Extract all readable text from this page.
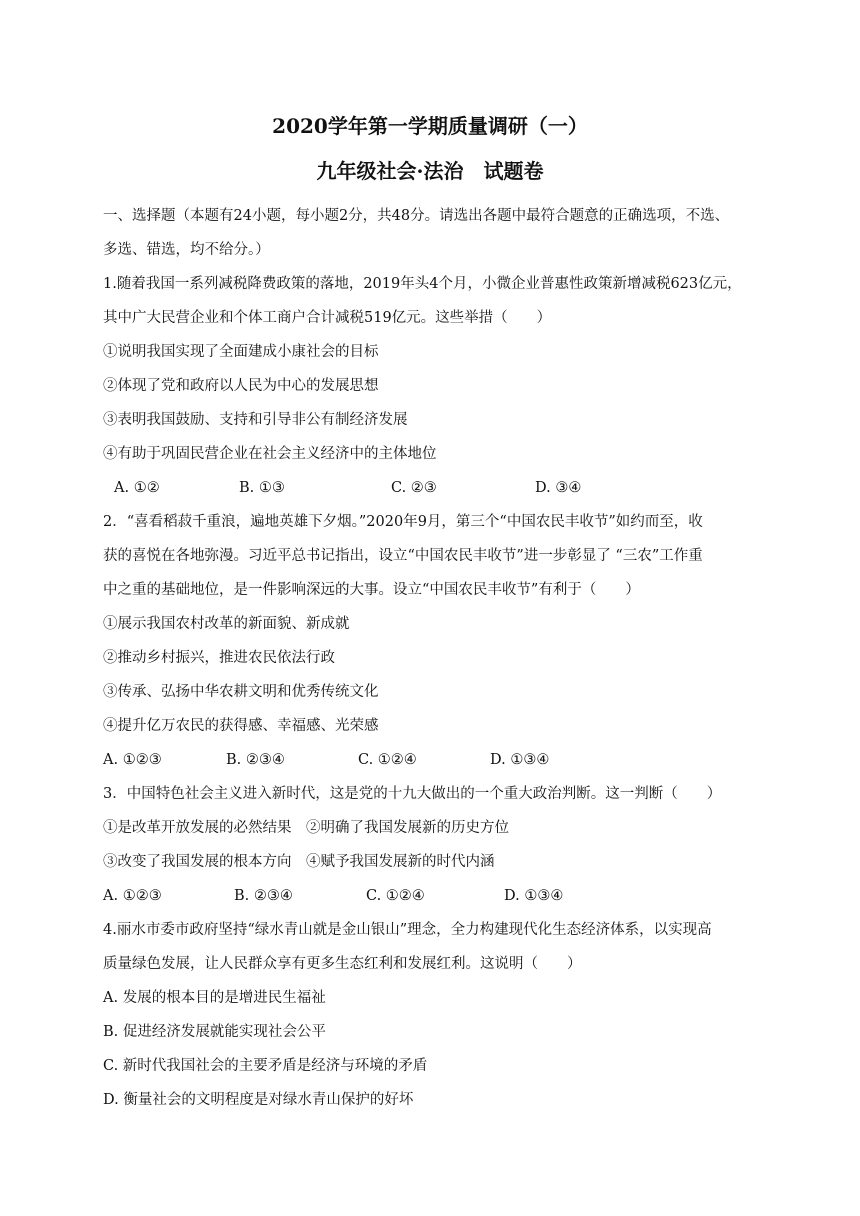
2020学年第一学期质量调研（一）
九年级社会·法治　试题卷
一、选择题（本题有24小题，每小题2分，共48分。请选出各题中最符合题意的正确选项，不选、
多选、错选，均不给分。）
1.随着我国一系列减税降费政策的落地，2019年头4个月，小微企业普惠性政策新增减税623亿元，
其中广大民营企业和个体工商户合计减税519亿元。这些举措（　　）
①说明我国实现了全面建成小康社会的目标
②体现了党和政府以人民为中心的发展思想
③表明我国鼓励、支持和引导非公有制经济发展
④有助于巩固民营企业在社会主义经济中的主体地位
A. ①②	B. ①③	C. ②③	D. ③④
2．“喜看稻菽千重浪，遍地英雄下夕烟。”2020年9月，第三个“中国农民丰收节”如约而至，收
获的喜悦在各地弥漫。习近平总书记指出，设立“中国农民丰收节”进一步彰显了 “三农”工作重
中之重的基础地位，是一件影响深远的大事。设立“中国农民丰收节”有利于（　　）
①展示我国农村改革的新面貌、新成就
②推动乡村振兴，推进农民依法行政
③传承、弘扬中华农耕文明和优秀传统文化
④提升亿万农民的获得感、幸福感、光荣感
A. ①②③	B. ②③④	C. ①②④	D. ①③④
3．中国特色社会主义进入新时代，这是党的十九大做出的一个重大政治判断。这一判断（　　）
①是改革开放发展的必然结果　②明确了我国发展新的历史方位
③改变了我国发展的根本方向　④赋予我国发展新的时代内涵
A. ①②③	B. ②③④	C. ①②④	D. ①③④
4.丽水市委市政府坚持“绿水青山就是金山银山”理念，全力构建现代化生态经济体系，以实现高
质量绿色发展，让人民群众享有更多生态红利和发展红利。这说明（　　）
A. 发展的根本目的是增进民生福祉
B. 促进经济发展就能实现社会公平
C. 新时代我国社会的主要矛盾是经济与环境的矛盾
D. 衡量社会的文明程度是对绿水青山保护的好坏
